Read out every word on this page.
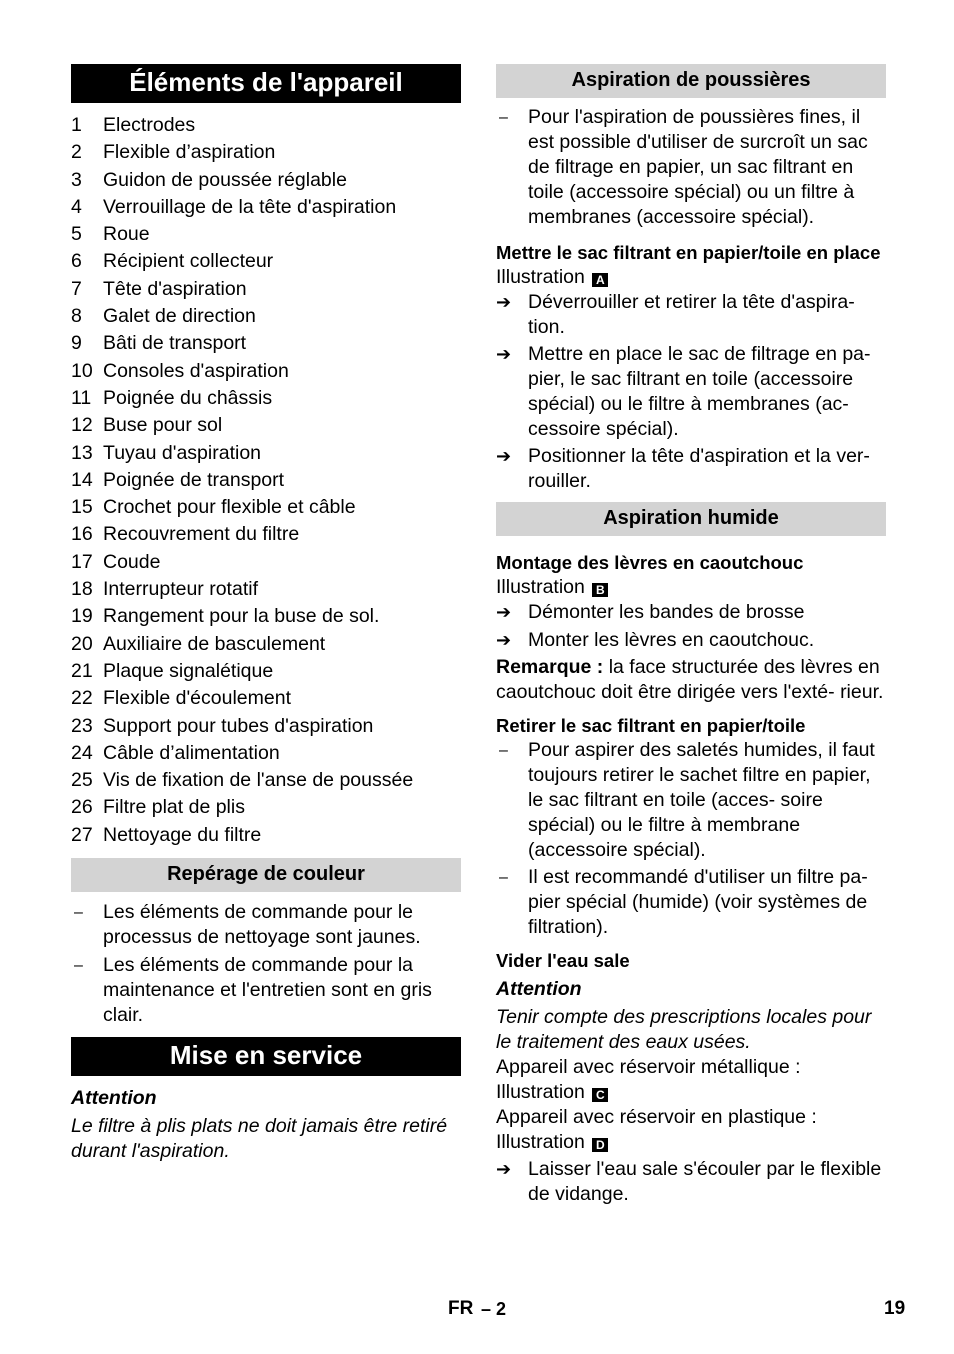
Éléments de l'appareil
1	Electrodes
2	Flexible d’aspiration
3	Guidon de poussée réglable
4	Verrouillage de la tête d'aspiration
5	Roue
6	Récipient collecteur
7	Tête d'aspiration
8	Galet de direction
9	Bâti de transport
10 Consoles d'aspiration
11 Poignée du châssis
12 Buse pour sol
13 Tuyau d'aspiration
14 Poignée de transport
15 Crochet pour flexible et câble
16 Recouvrement du filtre
17 Coude
18 Interrupteur rotatif
19 Rangement pour la buse de sol.
20 Auxiliaire de basculement
21 Plaque signalétique
22 Flexible d'écoulement
23 Support pour tubes d'aspiration
24 Câble d’alimentation
25 Vis de fixation de l'anse de poussée
26 Filtre plat de plis
27 Nettoyage du filtre
Repérage de couleur
–	Les éléments de commande pour le processus de nettoyage sont jaunes.
–	Les éléments de commande pour la maintenance et l'entretien sont en gris clair.
Mise en service
Attention
Le filtre à plis plats ne doit jamais être retiré durant l'aspiration.
Aspiration de poussières
–	Pour l'aspiration de poussières fines, il est possible d'utiliser de surcroît un sac de filtrage en papier, un sac filtrant en toile (accessoire spécial) ou un filtre à membranes (accessoire spécial).
Mettre le sac filtrant en papier/toile en place
Illustration A
➔ Déverrouiller et retirer la tête d'aspira- tion.
➔ Mettre en place le sac de filtrage en pa- pier, le sac filtrant en toile (accessoire spécial) ou le filtre à membranes (ac- cessoire spécial).
➔ Positionner la tête d'aspiration et la ver- rouiller.
Aspiration humide
Montage des lèvres en caoutchouc
Illustration B
➔ Démonter les bandes de brosse
➔ Monter les lèvres en caoutchouc.
Remarque : la face structurée des lèvres en caoutchouc doit être dirigée vers l'exté- rieur.
Retirer le sac filtrant en papier/toile
–	Pour aspirer des saletés humides, il faut toujours retirer le sachet filtre en papier, le sac filtrant en toile (acces- soire spécial) ou le filtre à membrane (accessoire spécial).
–	Il est recommandé d'utiliser un filtre pa- pier spécial (humide) (voir systèmes de filtration).
Vider l'eau sale
Attention
Tenir compte des prescriptions locales pour le traitement des eaux usées.
Appareil avec réservoir métallique :
Illustration C
Appareil avec réservoir en plastique :
Illustration D
➔ Laisser l'eau sale s'écouler par le flexible de vidange.
FR – 2	19
